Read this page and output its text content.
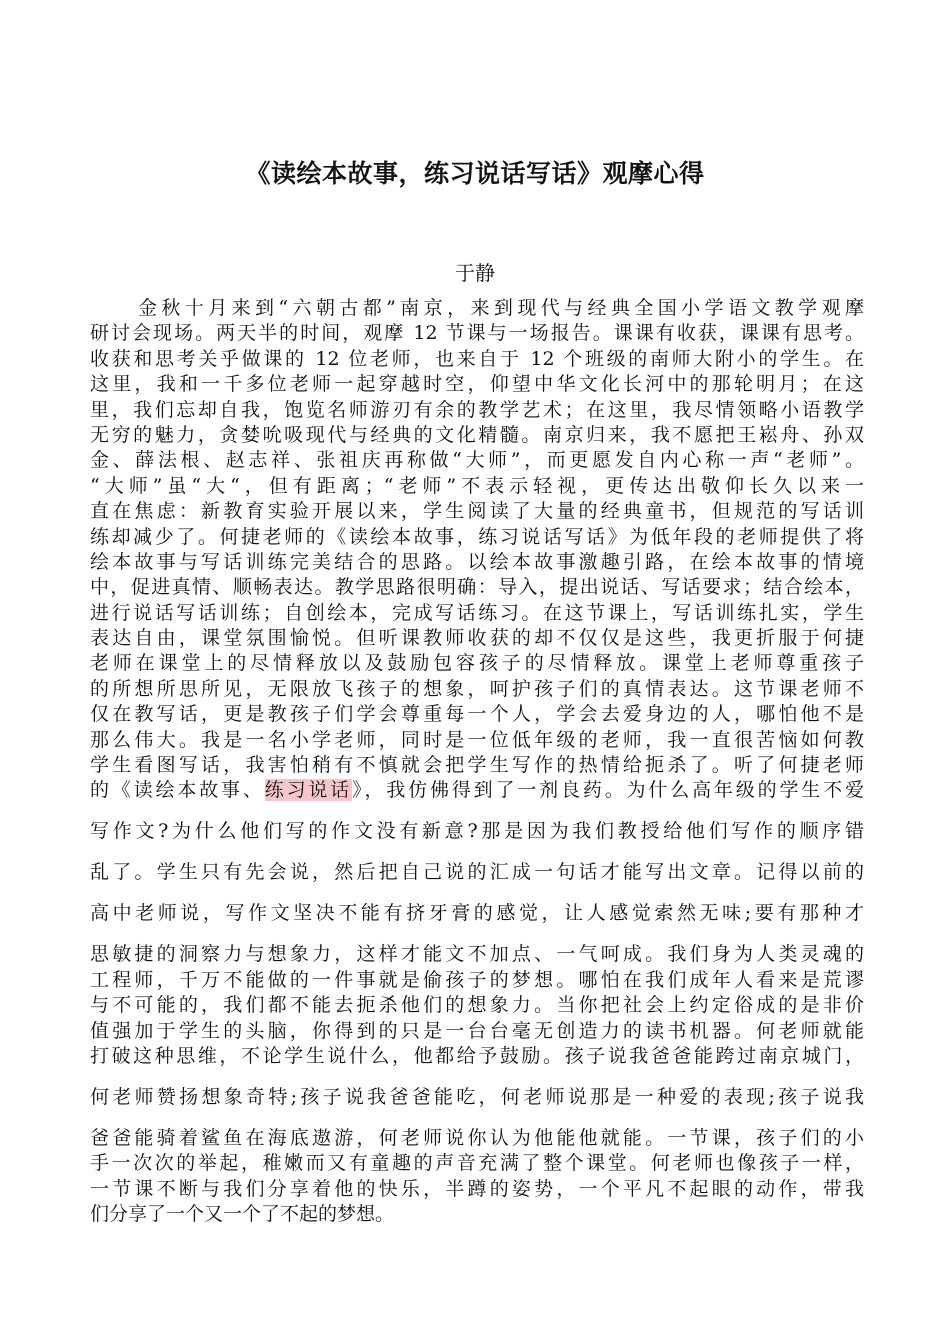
《读绘本故事，练习说话写话》观摩心得

于静

金秋十月来到“六朝古都”南京，来到现代与经典全国小学语文教学观摩
研讨会现场。两天半的时间，观摩 12 节课与一场报告。课课有收获，课课有思考。
收获和思考关乎做课的 12 位老师，也来自于 12 个班级的南师大附小的学生。在
这里，我和一千多位老师一起穿越时空，仰望中华文化长河中的那轮明月；在这
里，我们忘却自我，饱览名师游刃有余的教学艺术；在这里，我尽情领略小语教学
无穷的魅力，贪婪吮吸现代与经典的文化精髓。南京归来，我不愿把王崧舟、孙双
金、薛法根、赵志祥、张祖庆再称做“大师”，而更愿发自内心称一声“老师”。
“大师”虽“大“，但有距离；“老师”不表示轻视，更传达出敬仰长久以来一
直在焦虑：新教育实验开展以来，学生阅读了大量的经典童书，但规范的写话训
练却减少了。何捷老师的《读绘本故事，练习说话写话》为低年段的老师提供了将
绘本故事与写话训练完美结合的思路。以绘本故事激趣引路，在绘本故事的情境
中，促进真情、顺畅表达。教学思路很明确：导入，提出说话、写话要求；结合绘本，
进行说话写话训练；自创绘本，完成写话练习。在这节课上，写话训练扎实，学生
表达自由，课堂氛围愉悦。但听课教师收获的却不仅仅是这些，我更折服于何捷
老师在课堂上的尽情释放以及鼓励包容孩子的尽情释放。课堂上老师尊重孩子
的所想所思所见，无限放飞孩子的想象，呵护孩子们的真情表达。这节课老师不
仅在教写话，更是教孩子们学会尊重每一个人，学会去爱身边的人，哪怕他不是
那么伟大。我是一名小学老师，同时是一位低年级的老师，我一直很苦恼如何教
学生看图写话，我害怕稍有不慎就会把学生写作的热情给扼杀了。听了何捷老师
的《读绘本故事、练习说话》，我仿佛得到了一剂良药。为什么高年级的学生不爱
写作文?为什么他们写的作文没有新意?那是因为我们教授给他们写作的顺序错
乱了。学生只有先会说，然后把自己说的汇成一句话才能写出文章。记得以前的
高中老师说，写作文坚决不能有挤牙膏的感觉，让人感觉索然无味;要有那种才
思敏捷的洞察力与想象力，这样才能文不加点、一气呵成。我们身为人类灵魂的
工程师，千万不能做的一件事就是偷孩子的梦想。哪怕在我们成年人看来是荒谬
与不可能的，我们都不能去扼杀他们的想象力。当你把社会上约定俗成的是非价
值强加于学生的头脑，你得到的只是一台台毫无创造力的读书机器。何老师就能
打破这种思维，不论学生说什么，他都给予鼓励。孩子说我爸爸能跨过南京城门，
何老师赞扬想象奇特;孩子说我爸爸能吃，何老师说那是一种爱的表现;孩子说我
爸爸能骑着鲨鱼在海底遨游，何老师说你认为他能他就能。一节课，孩子们的小
手一次次的举起，稚嫩而又有童趣的声音充满了整个课堂。何老师也像孩子一样，
一节课不断与我们分享着他的快乐，半蹲的姿势，一个平凡不起眼的动作，带我
们分享了一个又一个了不起的梦想。
